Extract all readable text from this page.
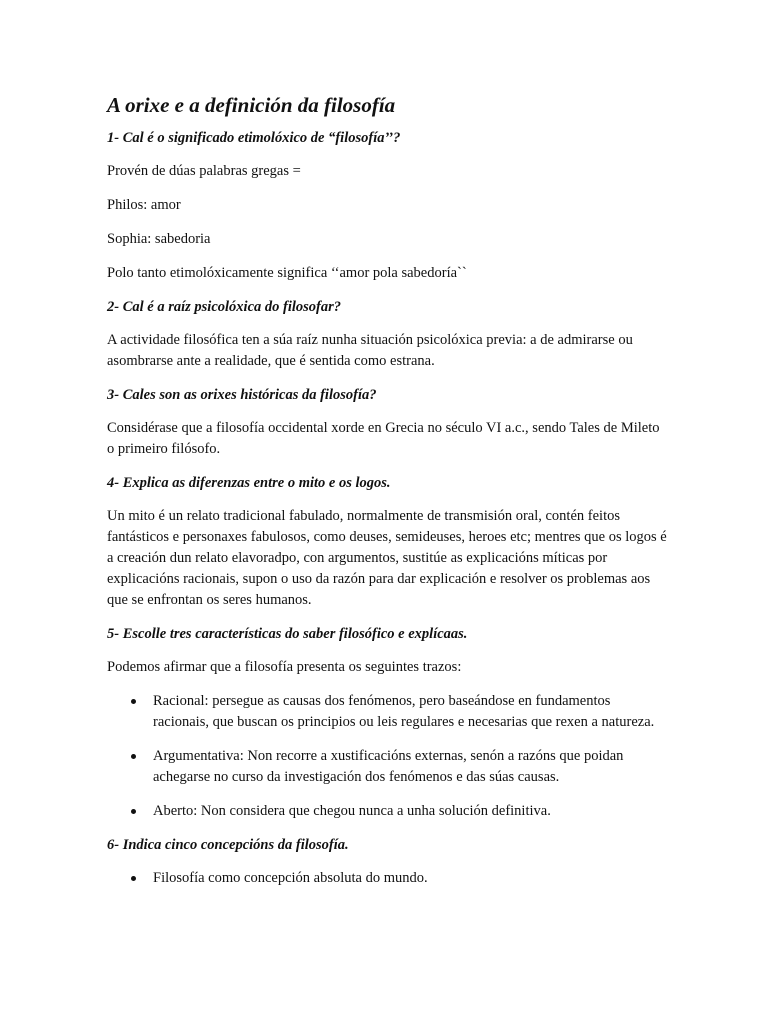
A orixe e a definición da filosofía

1- Cal é o significado etimolóxico de “filosofía’’?

Provén de dúas palabras gregas =

Philos: amor

Sophia: sabedoria

Polo tanto etimolóxicamente significa ‘‘amor pola sabedoría``

2- Cal é a raíz psicolóxica do filosofar?

A actividade filosófica ten a súa raíz nunha situación psicolóxica previa: a de admirarse ou asombrarse ante a realidade, que é sentida como estrana.

3- Cales son as orixes históricas da filosofía?

Considérase que a filosofía occidental xorde en Grecia no século VI a.c., sendo Tales de Mileto o primeiro filósofo.

4- Explica as diferenzas entre o mito e os logos.

Un mito é un relato tradicional fabulado, normalmente de transmisión oral, contén feitos fantásticos e personaxes fabulosos, como deuses, semideuses, heroes etc; mentres que os logos é a creación dun relato elavoradpo, con argumentos, sustitúe as explicacións míticas por explicacións racionais, supon o uso da razón para dar explicación e resolver os problemas aos que se enfrontan os seres humanos.

5- Escolle tres características do saber filosófico e explícaas.

Podemos afirmar que a filosofía presenta os seguintes trazos:

Racional: persegue as causas dos fenómenos, pero baseándose en fundamentos racionais, que buscan os principios ou leis regulares e necesarias que rexen a natureza.
Argumentativa: Non recorre a xustificacións externas, senón a razóns que poidan achegarse no curso da investigación dos fenómenos e das súas causas.
Aberto: Non considera que chegou nunca a unha solución definitiva.

6- Indica cinco concepcións da filosofía.

Filosofía como concepción absoluta do mundo.
